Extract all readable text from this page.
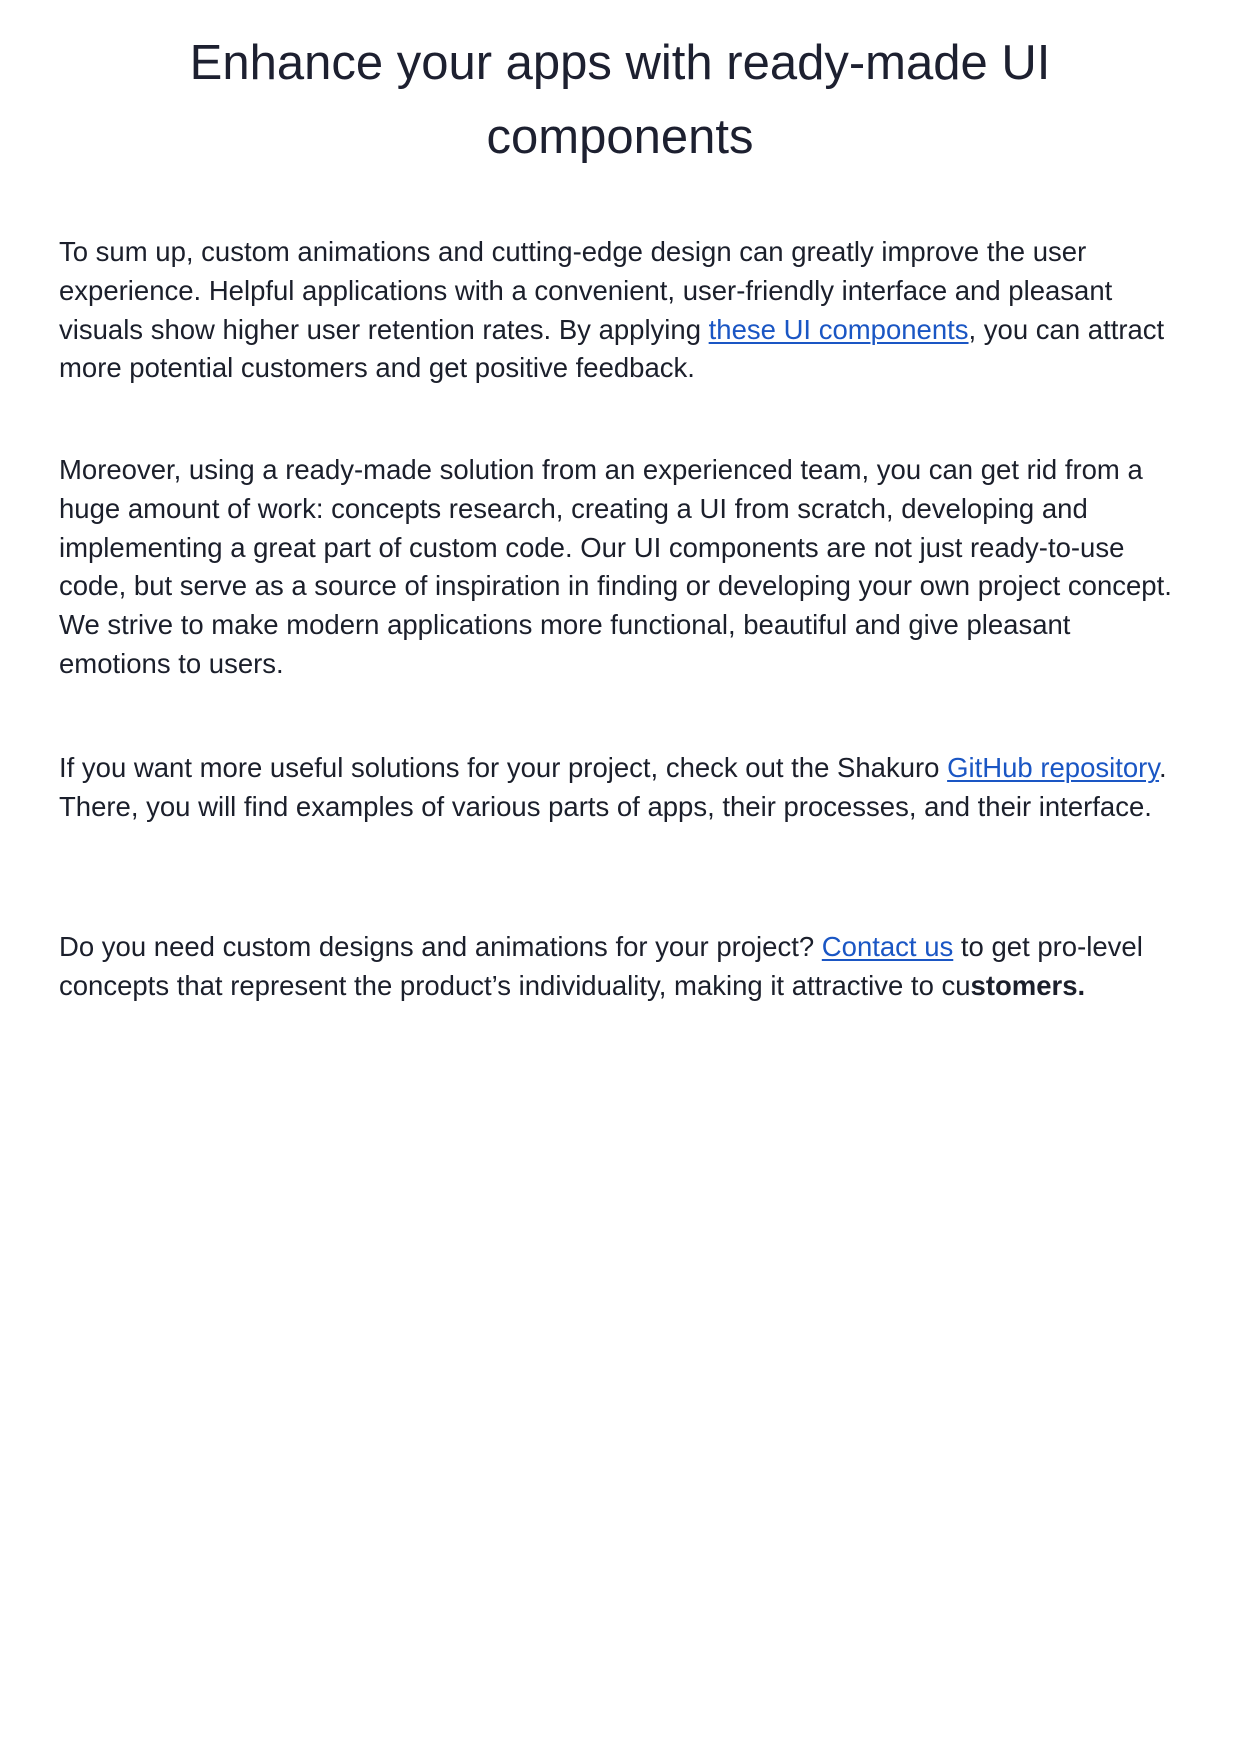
Enhance your apps with ready-made UI components

To sum up, custom animations and cutting-edge design can greatly improve the user experience. Helpful applications with a convenient, user-friendly interface and pleasant visuals show higher user retention rates. By applying these UI components, you can attract more potential customers and get positive feedback.

Moreover, using a ready-made solution from an experienced team, you can get rid from a huge amount of work: concepts research, creating a UI from scratch, developing and implementing a great part of custom code. Our UI components are not just ready-to-use code, but serve as a source of inspiration in finding or developing your own project concept. We strive to make modern applications more functional, beautiful and give pleasant emotions to users.

If you want more useful solutions for your project, check out the Shakuro GitHub repository. There, you will find examples of various parts of apps, their processes, and their interface.

Do you need custom designs and animations for your project? Contact us to get pro-level concepts that represent the product’s individuality, making it attractive to customers.
